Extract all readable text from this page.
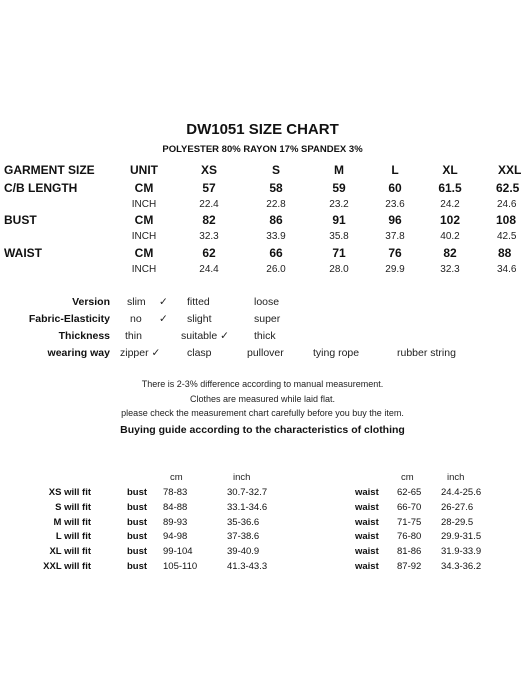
DW1051 SIZE CHART
POLYESTER 80% RAYON 17% SPANDEX 3%
GARMENT SIZE	UNIT	XS	S	M	L	XL	XXL
C/B LENGTH	CM	57	58	59	60	61.5	62.5
INCH	22.4	22.8	23.2	23.6	24.2	24.6
BUST	CM	82	86	91	96	102	108
INCH	32.3	33.9	35.8	37.8	40.2	42.5
WAIST	CM	62	66	71	76	82	88
INCH	24.4	26.0	28.0	29.9	32.3	34.6
Version slim ✓ fitted	loose
Fabric-Elasticity no ✓ slight	super
Thickness thin	suitable ✓ thick
wearing way zipper ✓	clasp	pullover	tying rope	rubber string
There is 2-3% difference according to manual measurement.
Clothes are measured while laid flat.
please check the measurement chart carefully before you buy the item.
Buying guide according to the characteristics of clothing
cm	inch	cm	inch
XS will fit	bust 78-83	30.7-32.7	waist 62-65 24.4-25.6
S will fit	bust 84-88	33.1-34.6	waist 66-70 26-27.6
M will fit	bust 89-93	35-36.6	waist 71-75 28-29.5
L will fit	bust 94-98	37-38.6	waist 76-80 29.9-31.5
XL will fit	bust 99-104	39-40.9	waist 81-86 31.9-33.9
XXL will fit	bust 105-110	41.3-43.3	waist 87-92 34.3-36.2
